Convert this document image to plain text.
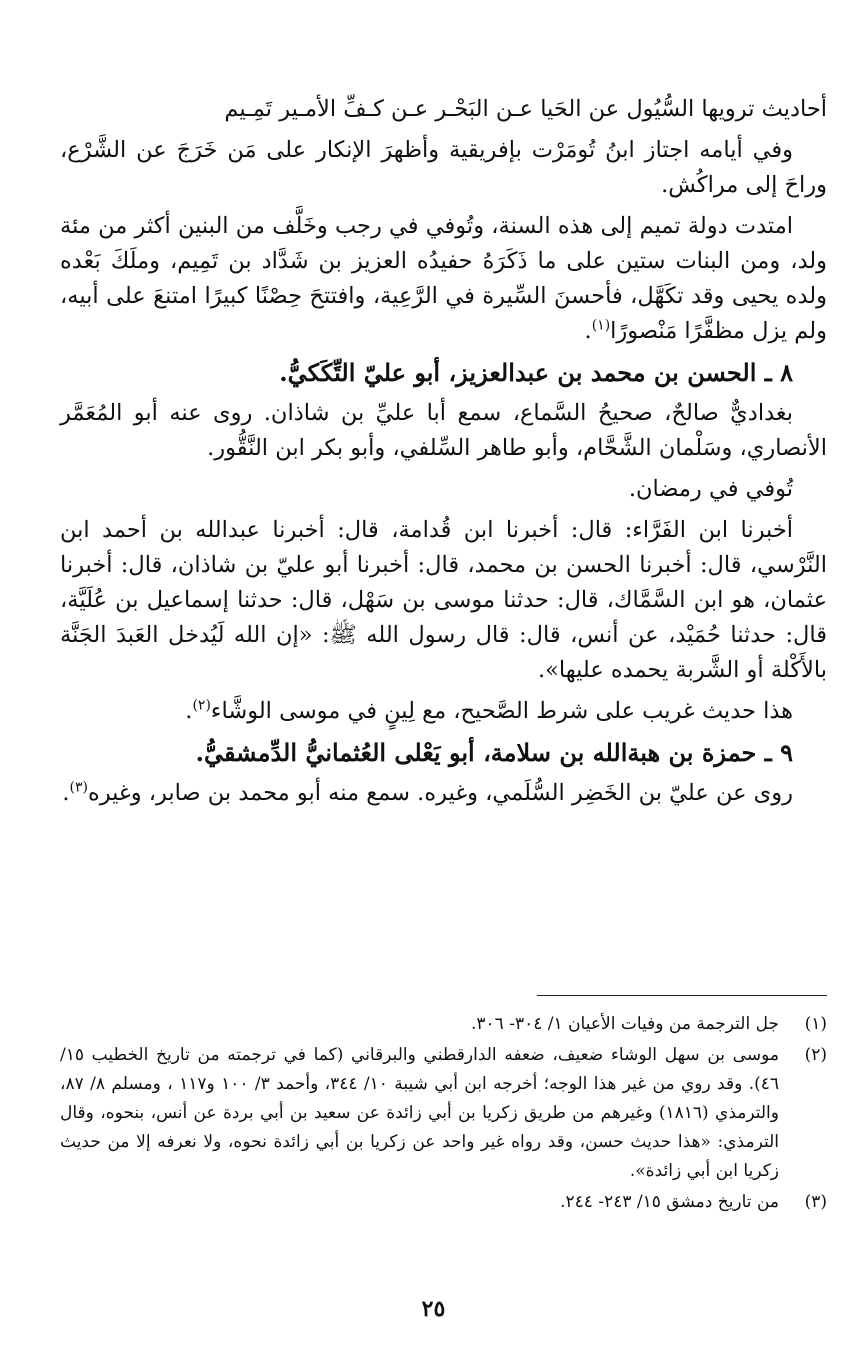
أحاديث ترويها السُّيُول عن الحَيا عـن البَحْـر عـن كـفِّ الأمـير تَمِـيم

وفي أيامه اجتاز ابنُ تُومَرْت بإفريقية وأظهرَ الإنكار على مَن خَرَجَ عن الشَّرْع، وراحَ إلى مراكُش.

امتدت دولة تميم إلى هذه السنة، وتُوفي في رجب وخَلَّف من البنين أكثر من مئة ولد، ومن البنات ستين على ما ذَكَرَهُ حفيدُه العزيز بن شَدَّاد بن تَمِيم، وملَكَ بَعْده ولده يحيى وقد تكَهَّل، فأحسنَ السِّيرة في الرَّعِية، وافتتحَ حِصْنًا كبيرًا امتنعَ على أبيه، ولم يزل مظفَّرًا مَنْصورًا$^{(١)}$.

٨ ـ الحسن بن محمد بن عبدالعزيز، أبو عليّ التِّكَكيُّ.

بغداديٌّ صالحٌ، صحيحُ السَّماع، سمع أبا عليِّ بن شاذان. روى عنه أبو المُعَمَّر الأنصاري، وسَلْمان الشَّحَّام، وأبو طاهر السِّلفي، وأبو بكر ابن النَّقُّور.

تُوفي في رمضان.

أخبرنا ابن الفَرَّاء: قال: أخبرنا ابن قُدامة، قال: أخبرنا عبدالله بن أحمد ابن النَّرْسي، قال: أخبرنا الحسن بن محمد، قال: أخبرنا أبو عليّ بن شاذان، قال: أخبرنا عثمان، هو ابن السَّمَّاك، قال: حدثنا موسى بن سَهْل، قال: حدثنا إسماعيل بن عُلَيَّة، قال: حدثنا حُمَيْد، عن أنس، قال: قال رسول الله ﷺ: «إن الله لَيُدخل العَبدَ الجَنَّة بالأَكْلة أو الشَّربة يحمده عليها».

هذا حديث غريب على شرط الصَّحيح، مع لِينٍ في موسى الوشَّاء$^{(٢)}$.

٩ ـ حمزة بن هبةالله بن سلامة، أبو يَعْلى العُثمانيُّ الدِّمشقيُّ.

روى عن عليّ بن الخَضِر السُّلَمي، وغيره. سمع منه أبو محمد بن صابر، وغيره$^{(٣)}$.

(١)
جل الترجمة من وفيات الأعيان ١/ ٣٠٤- ٣٠٦.
(٢)
موسى بن سهل الوشاء ضعيف، ضعفه الدارقطني والبرقاني (كما في ترجمته من تاريخ الخطيب ١٥/ ٤٦). وقد روي من غير هذا الوجه؛ أخرجه ابن أبي شيبة ١٠/ ٣٤٤، وأحمد ٣/ ١٠٠ و١١٧ ، ومسلم ٨/ ٨٧، والترمذي (١٨١٦) وغيرهم من طريق زكريا بن أبي زائدة عن سعيد بن أبي بردة عن أنس، بنحوه، وقال الترمذي: «هذا حديث حسن، وقد رواه غير واحد عن زكريا بن أبي زائدة نحوه، ولا نعرفه إلا من حديث زكريا ابن أبي زائدة».
(٣)
من تاريخ دمشق ١٥/ ٢٤٣- ٢٤٤.
٢٥
